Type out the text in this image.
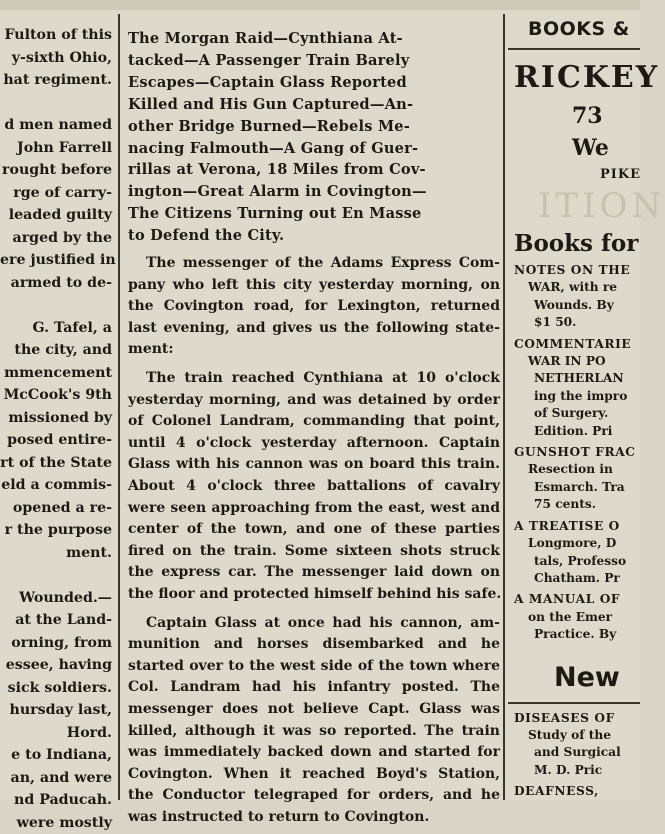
Fulton of this
y-sixth Ohio,
hat regiment.

d men named
John Farrell
rought before
rge of carry-
leaded guilty
arged by the
ere justified in
armed to de-

G. Tafel, a
the city, and
mmencement
McCook's 9th
missioned by
posed entire-
rt of the State
eld a commis-
opened a re-
r the purpose
ment.

Wounded.—
at the Land-
orning, from
essee, having
sick soldiers.
hursday last,
Hord.
e to Indiana,
an, and were
nd Paducah.
were mostly
The Morgan Raid—Cynthiana At-
tacked—A Passenger Train Barely
Escapes—Captain Glass Reported
Killed and His Gun Captured—An-
other Bridge Burned—Rebels Me-
nacing Falmouth—A Gang of Guer-
rillas at Verona, 18 Miles from Cov-
ington—Great Alarm in Covington—
The Citizens Turning out En Masse
to Defend the City.
The messenger of the Adams Express Com-
pany who left this city yesterday morning, on
the Covington road, for Lexington, returned
last evening, and gives us the following state-
ment:
The train reached Cynthiana at 10 o'clock
yesterday morning, and was detained by order
of Colonel Landram, commanding that point,
until 4 o'clock yesterday afternoon. Captain
Glass with his cannon was on board this train.
About 4 o'clock three battalions of cavalry
were seen approaching from the east, west and
center of the town, and one of these parties
fired on the train. Some sixteen shots struck
the express car. The messenger laid down on
the floor and protected himself behind his safe.
Captain Glass at once had his cannon, am-
munition and horses disembarked and he
started over to the west side of the town where
Col. Landram had his infantry posted. The
messenger does not believe Capt. Glass was
killed, although it was so reported. The train
was immediately backed down and started for
Covington. When it reached Boyd's Station,
the Conductor telegraped for orders, and he
was instructed to return to Covington.
BOOKS &
RICKEY
73 We
PIKE
ITION
Books for
NOTES ON THE
WAR, with re
Wounds. By
$1 50.
COMMENTARIE
WAR IN PO
NETHERLAN
ing the impro
of Surgery.
Edition. Pri
GUNSHOT FRAC
Resection in
Esmarch. Tra
75 cents.
A TREATISE O
Longmore, D
tals, Professo
Chatham. Pr
A MANUAL OF
on the Emer
Practice. By
New
DISEASES OF
Study of the
and Surgical
M. D. Pric
DEAFNESS,
